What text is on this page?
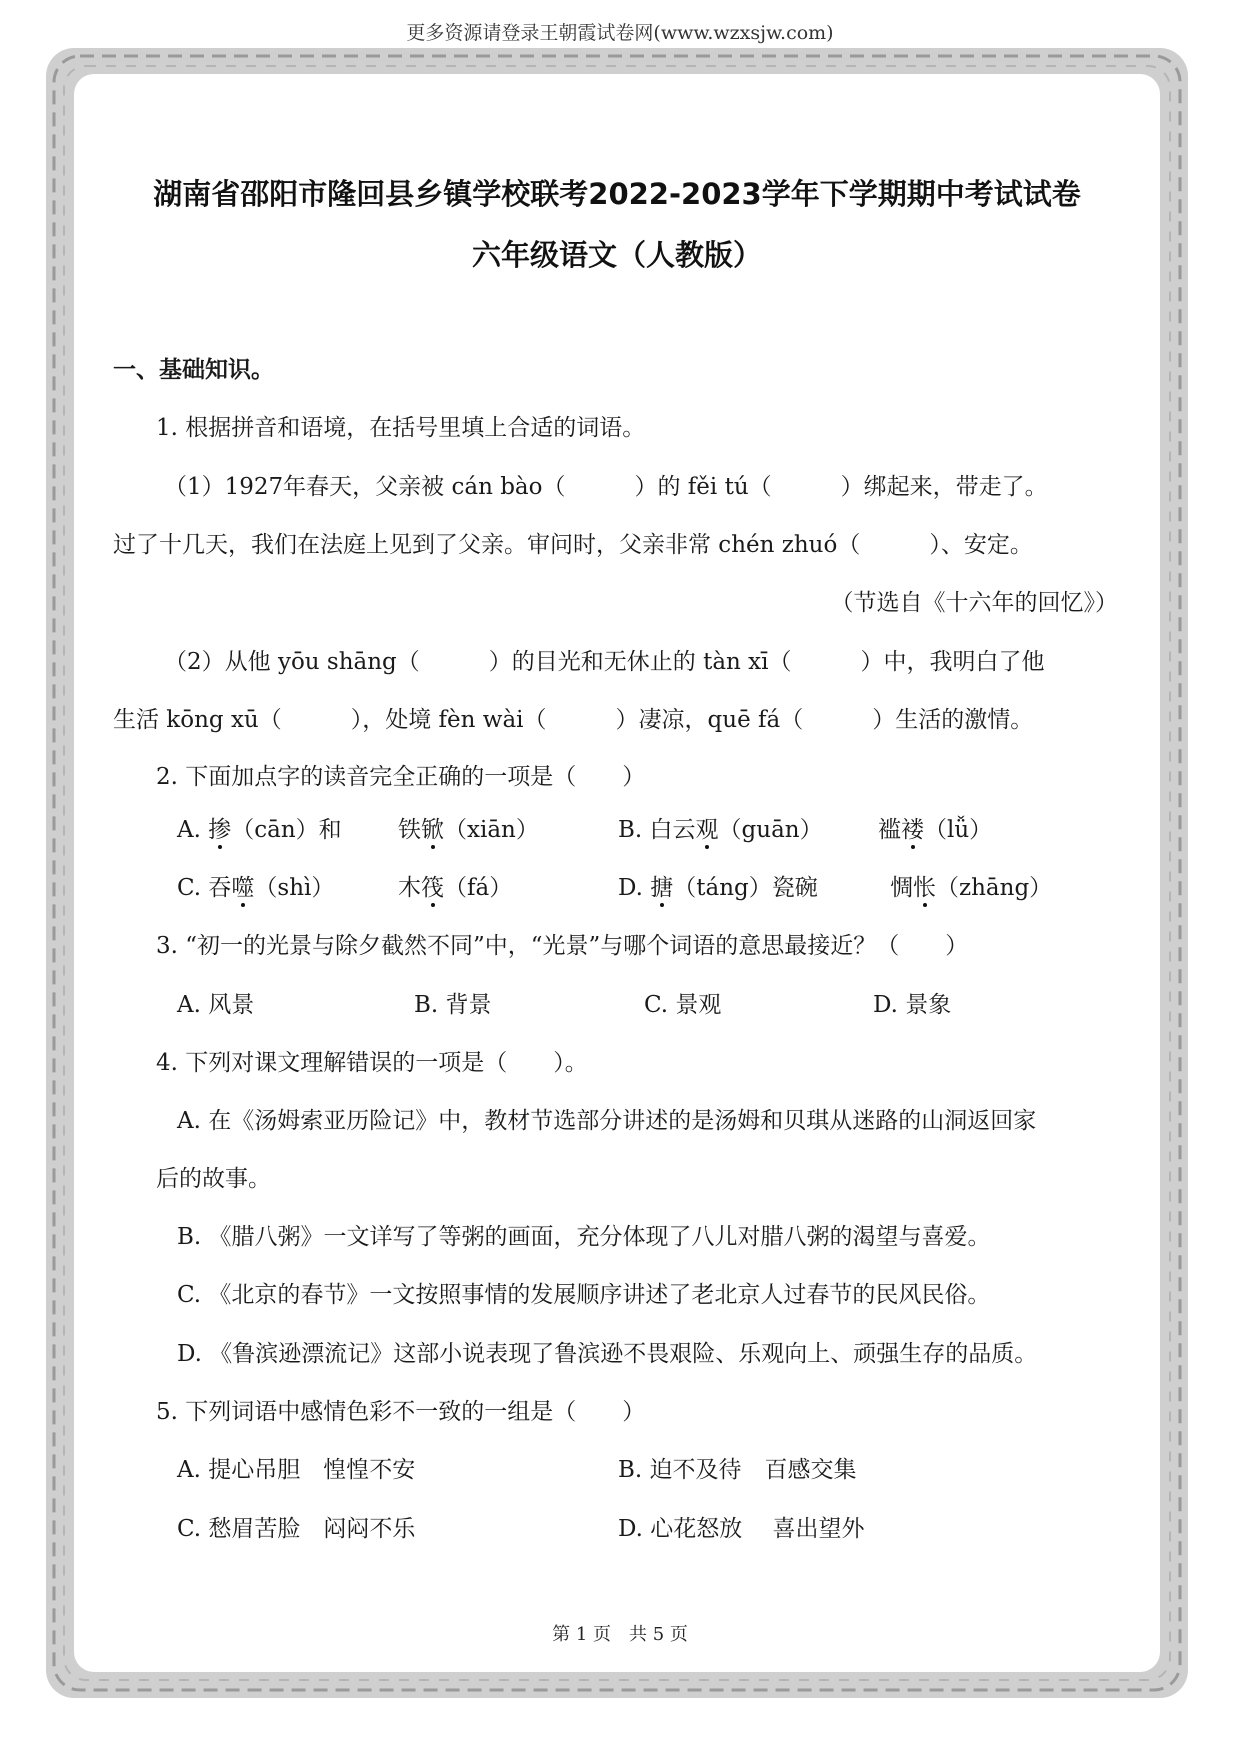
更多资源请登录王朝霞试卷网(www.wzxsjw.com)
湖南省邵阳市隆回县乡镇学校联考2022-2023学年下学期期中考试试卷
六年级语文（人教版）
一、基础知识。
1. 根据拼音和语境，在括号里填上合适的词语。
（1）1927年春天，父亲被 cán bào（　　　）的 fěi tú（　　　）绑起来，带走了。
过了十几天，我们在法庭上见到了父亲。审问时，父亲非常 chén zhuó（　　　）、安定。
（节选自《十六年的回忆》）
（2）从他 yōu shāng（　　　）的目光和无休止的 tàn xī（　　　）中，我明白了他
生活 kōng xū（　　　），处境 fèn wài（　　　）凄凉，quē fá（　　　）生活的激情。
2. 下面加点字的读音完全正确的一项是（　　）
A. 掺（cān）和 铁锨（xiān）	B. 白云观（guān） 褴褛（lǚ）
C. 吞噬（shì）	木筏（fá）	D. 搪（táng）瓷碗	惆怅（zhāng）
3. “初一的光景与除夕截然不同”中，“光景”与哪个词语的意思最接近？（　　）
A. 风景	B. 背景	C. 景观	D. 景象
4. 下列对课文理解错误的一项是（　　）。
A. 在《汤姆索亚历险记》中，教材节选部分讲述的是汤姆和贝琪从迷路的山洞返回家
后的故事。
B. 《腊八粥》一文详写了等粥的画面，充分体现了八儿对腊八粥的渴望与喜爱。
C. 《北京的春节》一文按照事情的发展顺序讲述了老北京人过春节的民风民俗。
D. 《鲁滨逊漂流记》这部小说表现了鲁滨逊不畏艰险、乐观向上、顽强生存的品质。
5. 下列词语中感情色彩不一致的一组是（　　）
A. 提心吊胆　惶惶不安	B. 迫不及待　百感交集
C. 愁眉苦脸　闷闷不乐	D. 心花怒放　 喜出望外
第 1 页　共 5 页
